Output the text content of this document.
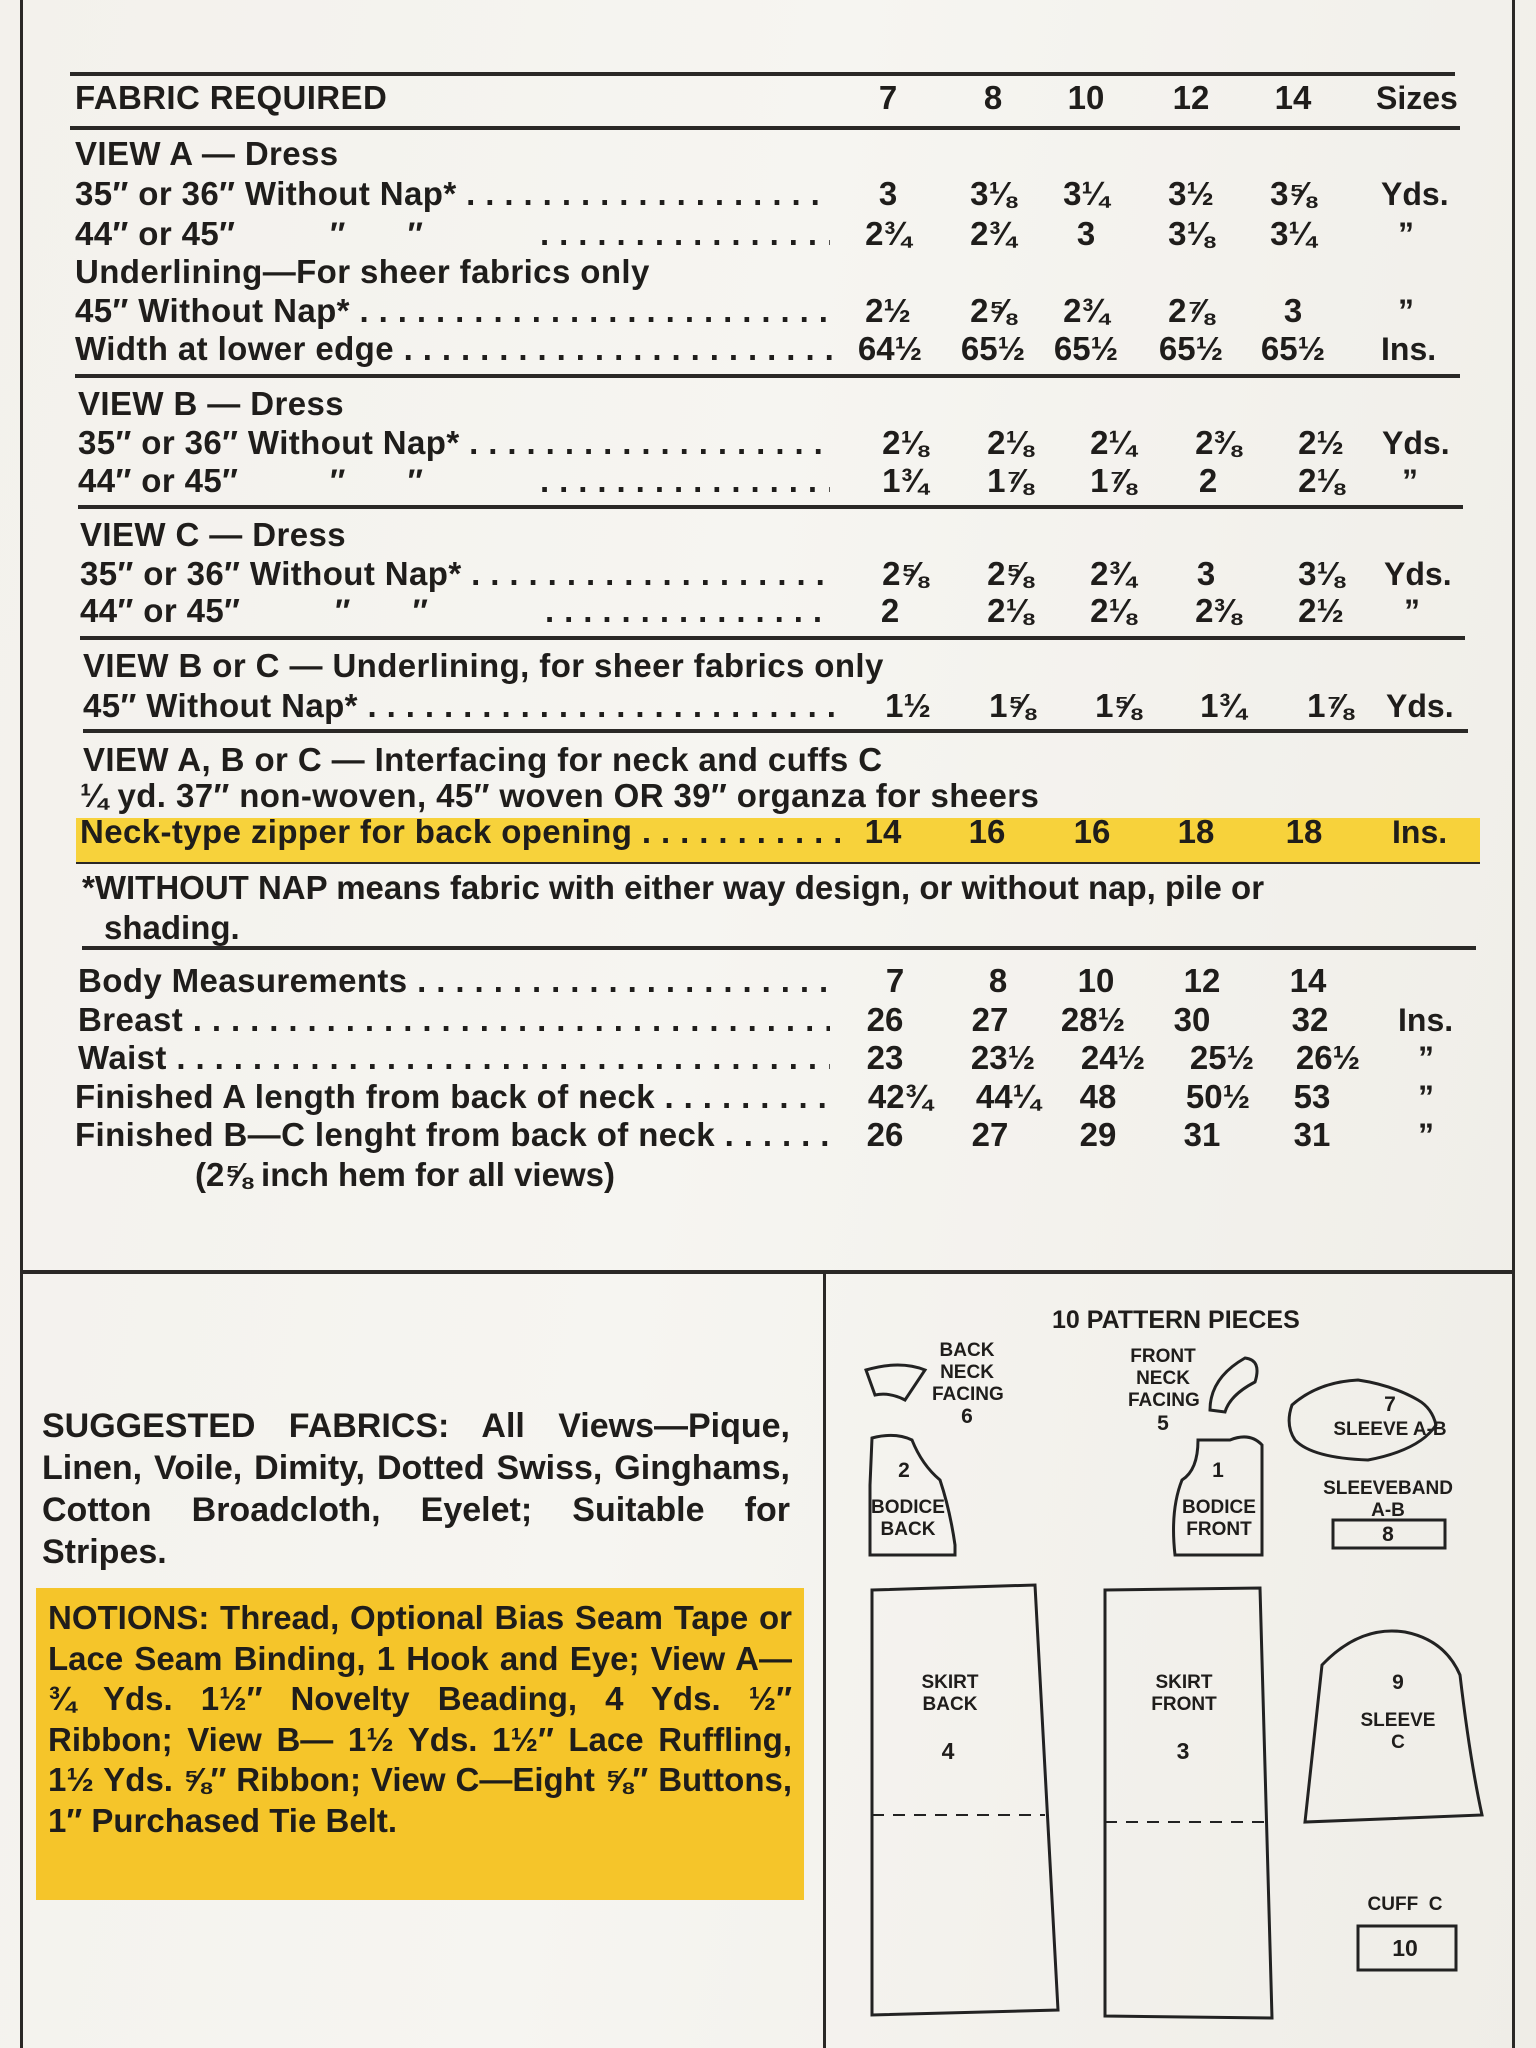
FABRIC REQUIRED	7	8	10	12	14	Sizes
VIEW A — Dress
35″ or 36″ Without Nap* . . .	3	3⅛	3¼	3½	3⅝	Yds.
44″ or 45″	″       ″ . . .	2¾	2¾	3	3⅛	3¼	”
Underlining—For sheer fabrics only
45″ Without Nap* . . .	2½	2⅝	2¾	2⅞	3	”
Width at lower edge . . .	64½	65½ 65½	65½	65½	Ins.
VIEW B — Dress
35″ or 36″ Without Nap* . . .	2⅛	2⅛	2¼	2⅜	2½	Yds.
44″ or 45″	″       ″ . . .	1¾	1⅞	1⅞	2	2⅛	”
VIEW C — Dress
35″ or 36″ Without Nap* . . .	2⅝	2⅝	2¾	3	3⅛	Yds.
44″ or 45″	″       ″ . . .	2	2⅛	2⅛	2⅜	2½	”
VIEW B or C — Underlining, for sheer fabrics only
45″ Without Nap* . . .	1½	1⅝	1⅝	1¾	1⅞	Yds.
VIEW A, B or C — Interfacing for neck and cuffs C
¼ yd. 37″ non-woven, 45″ woven OR 39″ organza for sheers
Neck-type zipper for back opening . . .	14	16	16	18	18	Ins.
*WITHOUT NAP means fabric with either way design, or without nap, pile or shading.
Body Measurements . . .	7	8	10	12	14
Breast . . .	26	27	28½	30	32	Ins.
Waist . . .	23	23½	24½	25½	26½	”
Finished A length from back of neck . . .	42¾	44¼	48	50½	53	”
Finished B—C lenght from back of neck . . .	26	27	29	31	31	”
(2⅝ inch hem for all views)
SUGGESTED FABRICS: All Views—Pique, Linen, Voile, Dimity, Dotted Swiss, Ginghams, Cotton Broadcloth, Eyelet; Suitable for Stripes.
NOTIONS: Thread, Optional Bias Seam Tape or Lace Seam Binding, 1 Hook and Eye; View A—¾ Yds. 1½″ Novelty Beading, 4 Yds. ½″ Ribbon; View B— 1½ Yds. 1½″ Lace Ruffling, 1½ Yds. ⅝″ Ribbon; View C—Eight ⅝″ Buttons, 1″ Purchased Tie Belt.
10 PATTERN PIECES
BACK
NECK
FACING
6
FRONT
NECK
FACING
5
7
SLEEVE A-B
2
BODICE
BACK
1
BODICE
FRONT
SLEEVEBAND
A-B
8
SKIRT
BACK
4
SKIRT
FRONT
3
9
SLEEVE
C
CUFF  C
10
